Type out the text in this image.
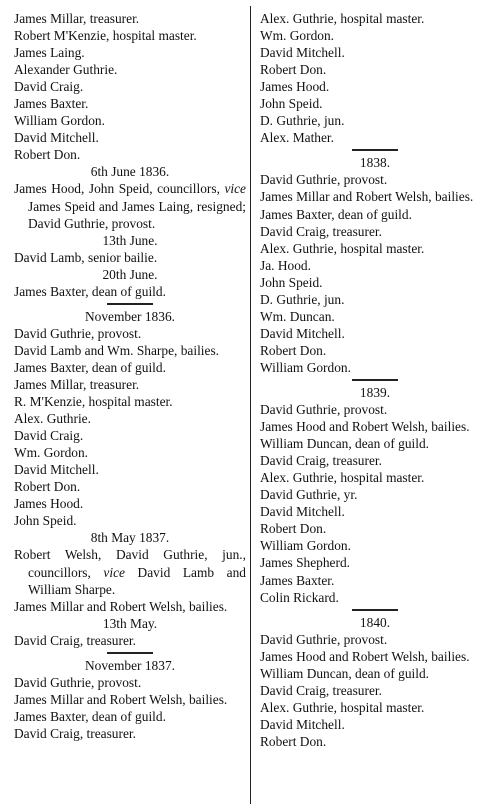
James Millar, treasurer.
Robert M'Kenzie, hospital master.
James Laing.
Alexander Guthrie.
David Craig.
James Baxter.
William Gordon.
David Mitchell.
Robert Don.
6th June 1836.
James Hood, John Speid, councillors, vice James Speid and James Laing, resigned; David Guthrie, provost.
13th June.
David Lamb, senior bailie.
20th June.
James Baxter, dean of guild.
November 1836.
David Guthrie, provost.
David Lamb and Wm. Sharpe, bailies.
James Baxter, dean of guild.
James Millar, treasurer.
R. M'Kenzie, hospital master.
Alex. Guthrie.
David Craig.
Wm. Gordon.
David Mitchell.
Robert Don.
James Hood.
John Speid.
8th May 1837.
Robert Welsh, David Guthrie, jun., councillors, vice David Lamb and William Sharpe.
James Millar and Robert Welsh, bailies.
13th May.
David Craig, treasurer.
November 1837.
David Guthrie, provost.
James Millar and Robert Welsh, bailies.
James Baxter, dean of guild.
David Craig, treasurer.
Alex. Guthrie, hospital master.
Wm. Gordon.
David Mitchell.
Robert Don.
James Hood.
John Speid.
D. Guthrie, jun.
Alex. Mather.
1838.
David Guthrie, provost.
James Millar and Robert Welsh, bailies.
James Baxter, dean of guild.
David Craig, treasurer.
Alex. Guthrie, hospital master.
Ja. Hood.
John Speid.
D. Guthrie, jun.
Wm. Duncan.
David Mitchell.
Robert Don.
William Gordon.
1839.
David Guthrie, provost.
James Hood and Robert Welsh, bailies.
William Duncan, dean of guild.
David Craig, treasurer.
Alex. Guthrie, hospital master.
David Guthrie, yr.
David Mitchell.
Robert Don.
William Gordon.
James Shepherd.
James Baxter.
Colin Rickard.
1840.
David Guthrie, provost.
James Hood and Robert Welsh, bailies.
William Duncan, dean of guild.
David Craig, treasurer.
Alex. Guthrie, hospital master.
David Mitchell.
Robert Don.
